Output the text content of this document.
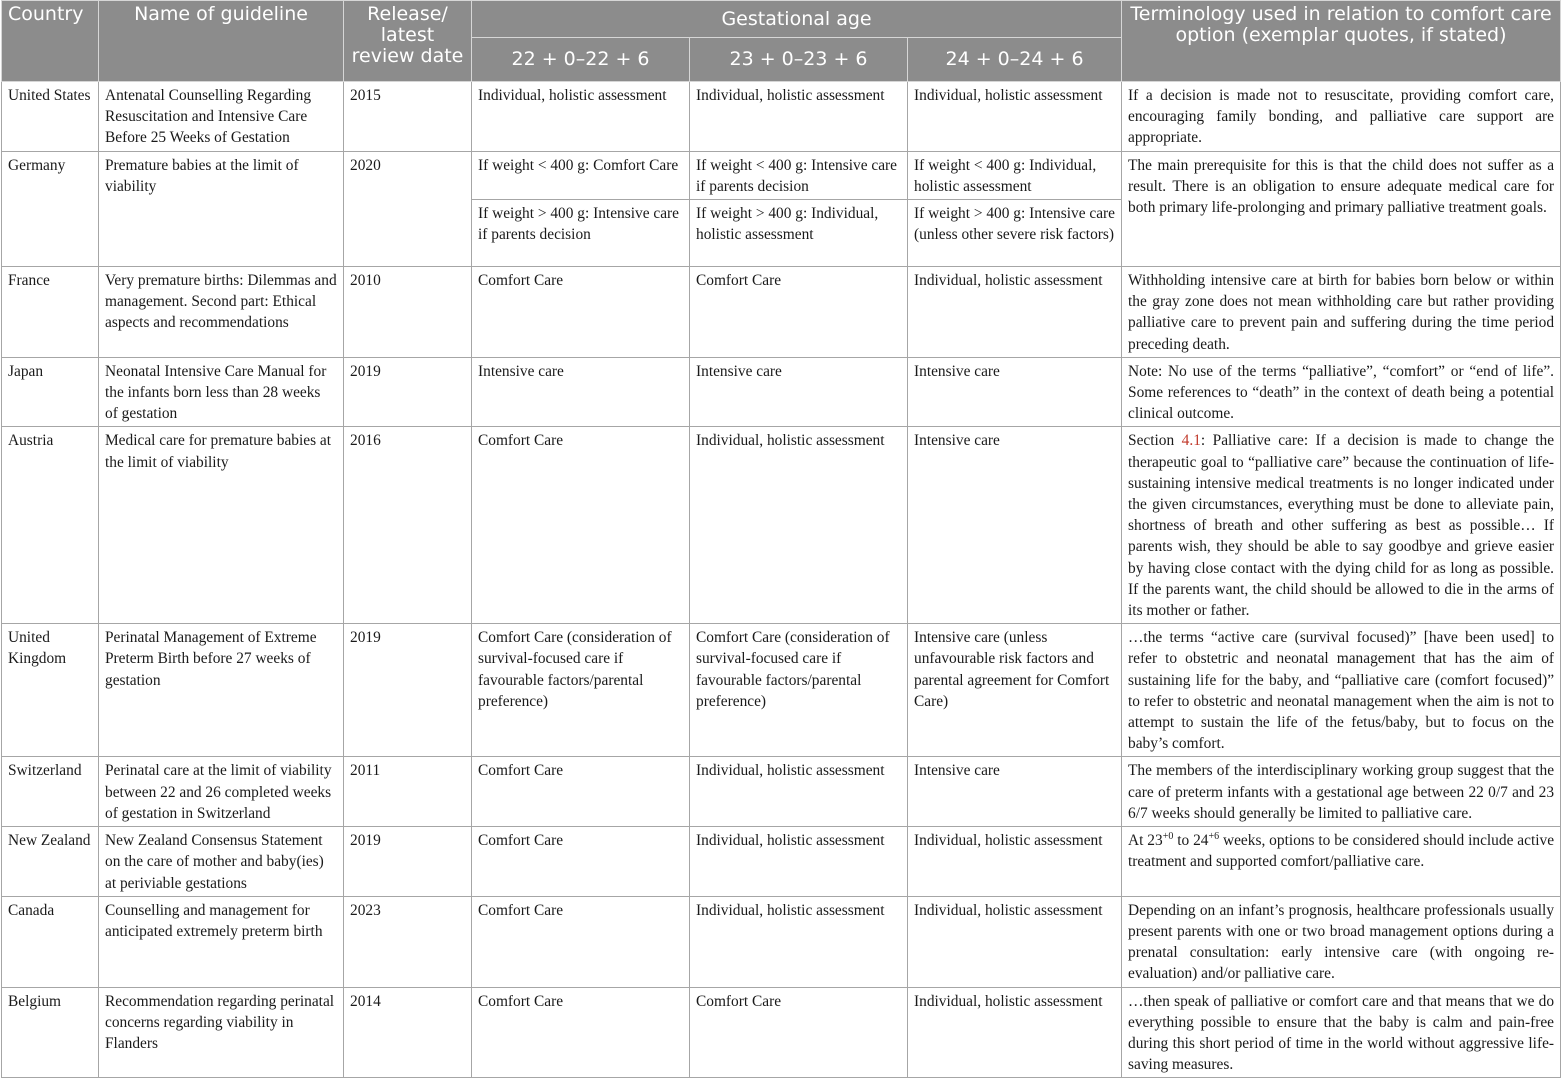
Country	Name of guideline	Release/ latest review date	Gestational age			Terminology used in relation to comfort care option (exemplar quotes, if stated)
			22 + 0–22 + 6	23 + 0–23 + 6	24 + 0–24 + 6	
United States	Antenatal Counselling Regarding Resuscitation and Intensive Care Before 25 Weeks of Gestation	2015	Individual, holistic assessment	Individual, holistic assessment	Individual, holistic assessment	If a decision is made not to resuscitate, providing comfort care, encouraging family bonding, and palliative care support are appropriate.
Germany	Premature babies at the limit of viability	2020	If weight < 400 g: Comfort Care	If weight < 400 g: Intensive care if parents decision	If weight < 400 g: Individual, holistic assessment	The main prerequisite for this is that the child does not suffer as a result. There is an obligation to ensure adequate medical care for both primary life-prolonging and primary palliative treatment goals.
			If weight > 400 g: Intensive care if parents decision	If weight > 400 g: Individual, holistic assessment	If weight > 400 g: Intensive care (unless other severe risk factors)	
France	Very premature births: Dilemmas and management. Second part: Ethical aspects and recommendations	2010	Comfort Care	Comfort Care	Individual, holistic assessment	Withholding intensive care at birth for babies born below or within the gray zone does not mean withholding care but rather providing palliative care to prevent pain and suffering during the time period preceding death.
Japan	Neonatal Intensive Care Manual for the infants born less than 28 weeks of gestation	2019	Intensive care	Intensive care	Intensive care	Note: No use of the terms “palliative”, “comfort” or “end of life”. Some references to “death” in the context of death being a potential clinical outcome.
Austria	Medical care for premature babies at the limit of viability	2016	Comfort Care	Individual, holistic assessment	Intensive care	Section 4.1: Palliative care: If a decision is made to change the therapeutic goal to “palliative care” because the continuation of life-sustaining intensive medical treatments is no longer indicated under the given circumstances, everything must be done to alleviate pain, shortness of breath and other suffering as best as possible… If parents wish, they should be able to say goodbye and grieve easier by having close contact with the dying child for as long as possible. If the parents want, the child should be allowed to die in the arms of its mother or father.
United Kingdom	Perinatal Management of Extreme Preterm Birth before 27 weeks of gestation	2019	Comfort Care (consideration of survival-focused care if favourable factors/parental preference)	Comfort Care (consideration of survival-focused care if favourable factors/parental preference)	Intensive care (unless unfavourable risk factors and parental agreement for Comfort Care)	…the terms “active care (survival focused)” [have been used] to refer to obstetric and neonatal management that has the aim of sustaining life for the baby, and “palliative care (comfort focused)” to refer to obstetric and neonatal management when the aim is not to attempt to sustain the life of the fetus/baby, but to focus on the baby’s comfort.
Switzerland	Perinatal care at the limit of viability between 22 and 26 completed weeks of gestation in Switzerland	2011	Comfort Care	Individual, holistic assessment	Intensive care	The members of the interdisciplinary working group suggest that the care of preterm infants with a gestational age between 22 0/7 and 23 6/7 weeks should generally be limited to palliative care.
New Zealand	New Zealand Consensus Statement on the care of mother and baby(ies) at periviable gestations	2019	Comfort Care	Individual, holistic assessment	Individual, holistic assessment	At $23^{+0}$ to $24^{+6}$ weeks, options to be considered should include active treatment and supported comfort/palliative care.
Canada	Counselling and management for anticipated extremely preterm birth	2023	Comfort Care	Individual, holistic assessment	Individual, holistic assessment	Depending on an infant’s prognosis, healthcare professionals usually present parents with one or two broad management options during a prenatal consultation: early intensive care (with ongoing re-evaluation) and/or palliative care.
Belgium	Recommendation regarding perinatal concerns regarding viability in Flanders	2014	Comfort Care	Comfort Care	Individual, holistic assessment	…then speak of palliative or comfort care and that means that we do everything possible to ensure that the baby is calm and pain-free during this short period of time in the world without aggressive life-saving measures.
